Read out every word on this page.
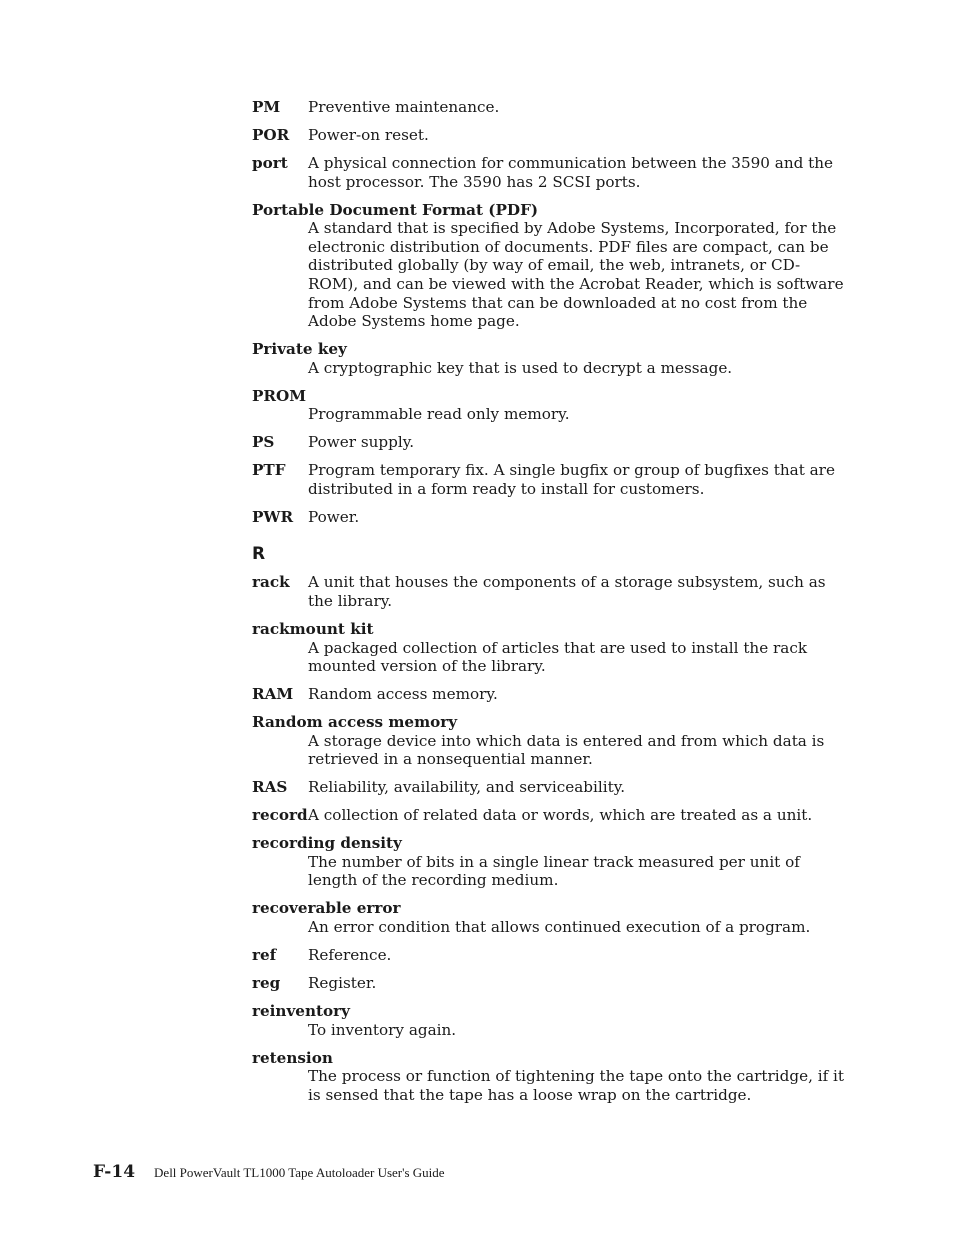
PM Preventive maintenance.
POR Power-on reset.
port A physical connection for communication between the 3590 and the host processor. The 3590 has 2 SCSI ports.
Portable Document Format (PDF)
A standard that is specified by Adobe Systems, Incorporated, for the electronic distribution of documents. PDF files are compact, can be distributed globally (by way of email, the web, intranets, or CD-ROM), and can be viewed with the Acrobat Reader, which is software from Adobe Systems that can be downloaded at no cost from the Adobe Systems home page.
Private key
A cryptographic key that is used to decrypt a message.
PROM
Programmable read only memory.
PS Power supply.
PTF Program temporary fix. A single bugfix or group of bugfixes that are distributed in a form ready to install for customers.
PWR Power.
R
rack A unit that houses the components of a storage subsystem, such as the library.
rackmount kit
A packaged collection of articles that are used to install the rack mounted version of the library.
RAM Random access memory.
Random access memory
A storage device into which data is entered and from which data is retrieved in a nonsequential manner.
RAS Reliability, availability, and serviceability.
record A collection of related data or words, which are treated as a unit.
recording density
The number of bits in a single linear track measured per unit of length of the recording medium.
recoverable error
An error condition that allows continued execution of a program.
ref Reference.
reg Register.
reinventory
To inventory again.
retension
The process or function of tightening the tape onto the cartridge, if it is sensed that the tape has a loose wrap on the cartridge.
F-14 Dell PowerVault TL1000 Tape Autoloader User's Guide
